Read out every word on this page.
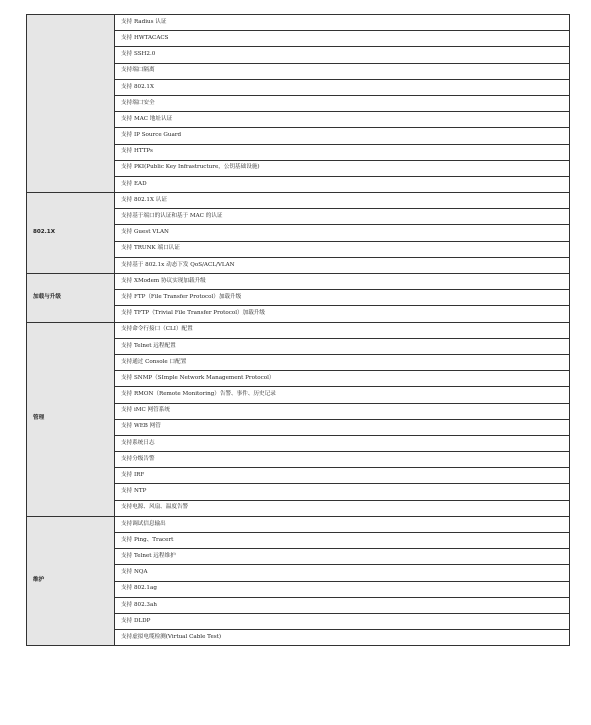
	支持 Radius 认证
	支持 HWTACACS
	支持 SSH2.0
	支持端口隔离
	支持 802.1X
	支持端口安全
	支持 MAC 地址认证
	支持 IP Source Guard
	支持 HTTPs
	支持 PKI(Public Key Infrastructure，公钥基础设施)
	支持 EAD
802.1X	支持 802.1X 认证
	支持基于端口的认证和基于 MAC 的认证
	支持 Guest VLAN
	支持 TRUNK 端口认证
	支持基于 802.1x 动态下发 QoS/ACL/VLAN
加载与升级	支持 XModem 协议实现加载升级
	支持 FTP（File Transfer Protocol）加载升级
	支持 TFTP（Trivial File Transfer Protocol）加载升级
管理	支持命令行接口（CLI）配置
	支持 Telnet 远程配置
	支持通过 Console 口配置
	支持 SNMP（SImple Network Management Protocol）
	支持 RMON（Remote Monitoring）告警、事件、历史记录
	支持 iMC 网管系统
	支持 WEB 网管
	支持系统日志
	支持分级告警
	支持 IRF
	支持 NTP
	支持电源、风扇、温度告警
维护	支持调试信息输出
	支持 Ping、Tracert
	支持 Telnet 远程维护
	支持 NQA
	支持 802.1ag
	支持 802.3ah
	支持 DLDP
	支持虚拟电缆检测(Virtual Cable Test)
